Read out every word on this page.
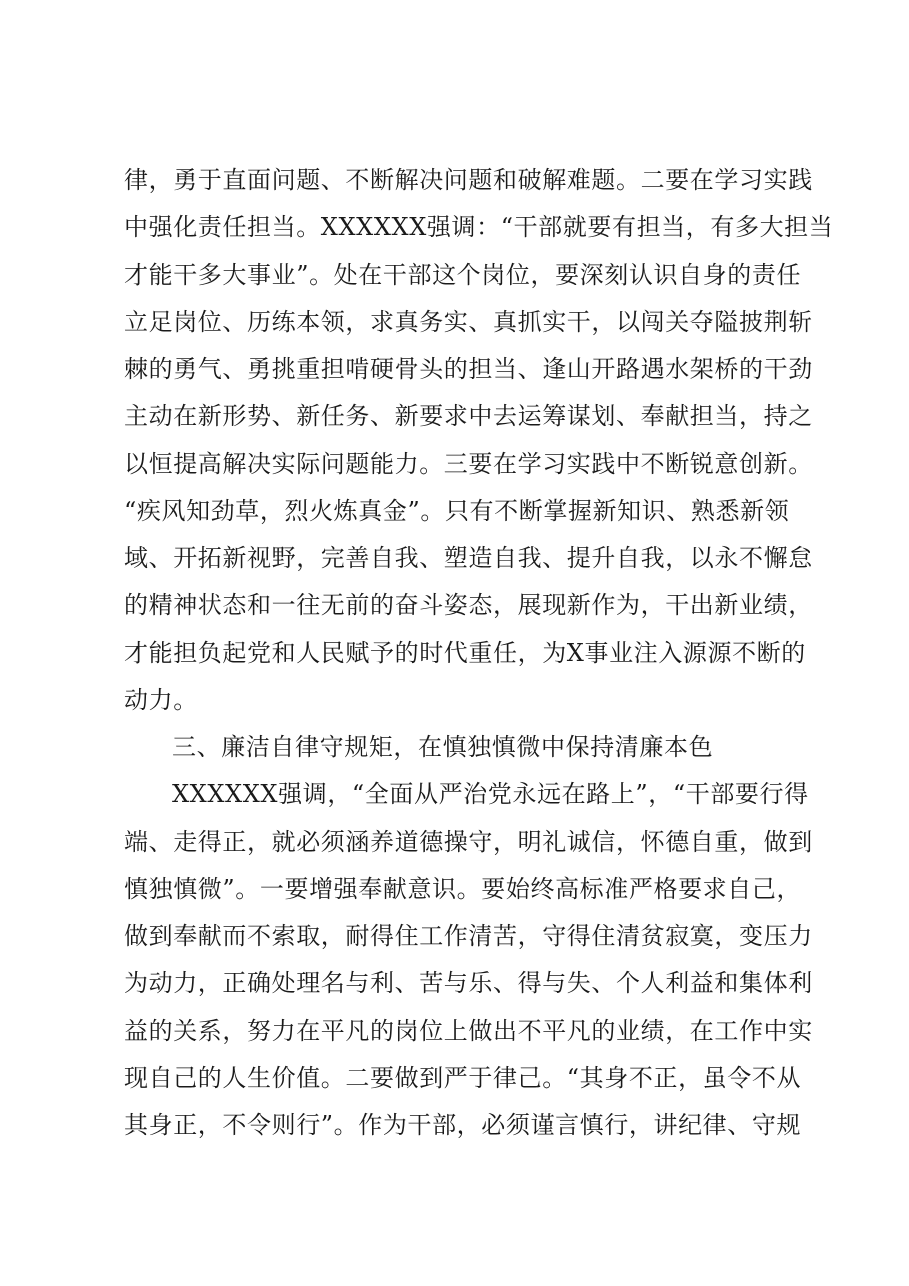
律，勇于直面问题、不断解决问题和破解难题。二要在学习实践
中强化责任担当。XXXXXX强调：“干部就要有担当，有多大担当
才能干多大事业”。处在干部这个岗位，要深刻认识自身的责任
立足岗位、历练本领，求真务实、真抓实干，以闯关夺隘披荆斩
棘的勇气、勇挑重担啃硬骨头的担当、逢山开路遇水架桥的干劲
主动在新形势、新任务、新要求中去运筹谋划、奉献担当，持之
以恒提高解决实际问题能力。三要在学习实践中不断锐意创新。
“疾风知劲草，烈火炼真金”。只有不断掌握新知识、熟悉新领
域、开拓新视野，完善自我、塑造自我、提升自我，以永不懈怠
的精神状态和一往无前的奋斗姿态，展现新作为，干出新业绩，
才能担负起党和人民赋予的时代重任，为X事业注入源源不断的
动力。
三、廉洁自律守规矩，在慎独慎微中保持清廉本色
XXXXXX强调，“全面从严治党永远在路上”，“干部要行得
端、走得正，就必须涵养道德操守，明礼诚信，怀德自重，做到
慎独慎微”。一要增强奉献意识。要始终高标准严格要求自己，
做到奉献而不索取，耐得住工作清苦，守得住清贫寂寞，变压力
为动力，正确处理名与利、苦与乐、得与失、个人利益和集体利
益的关系，努力在平凡的岗位上做出不平凡的业绩，在工作中实
现自己的人生价值。二要做到严于律己。“其身不正，虽令不从
其身正，不令则行”。作为干部，必须谨言慎行，讲纪律、守规
